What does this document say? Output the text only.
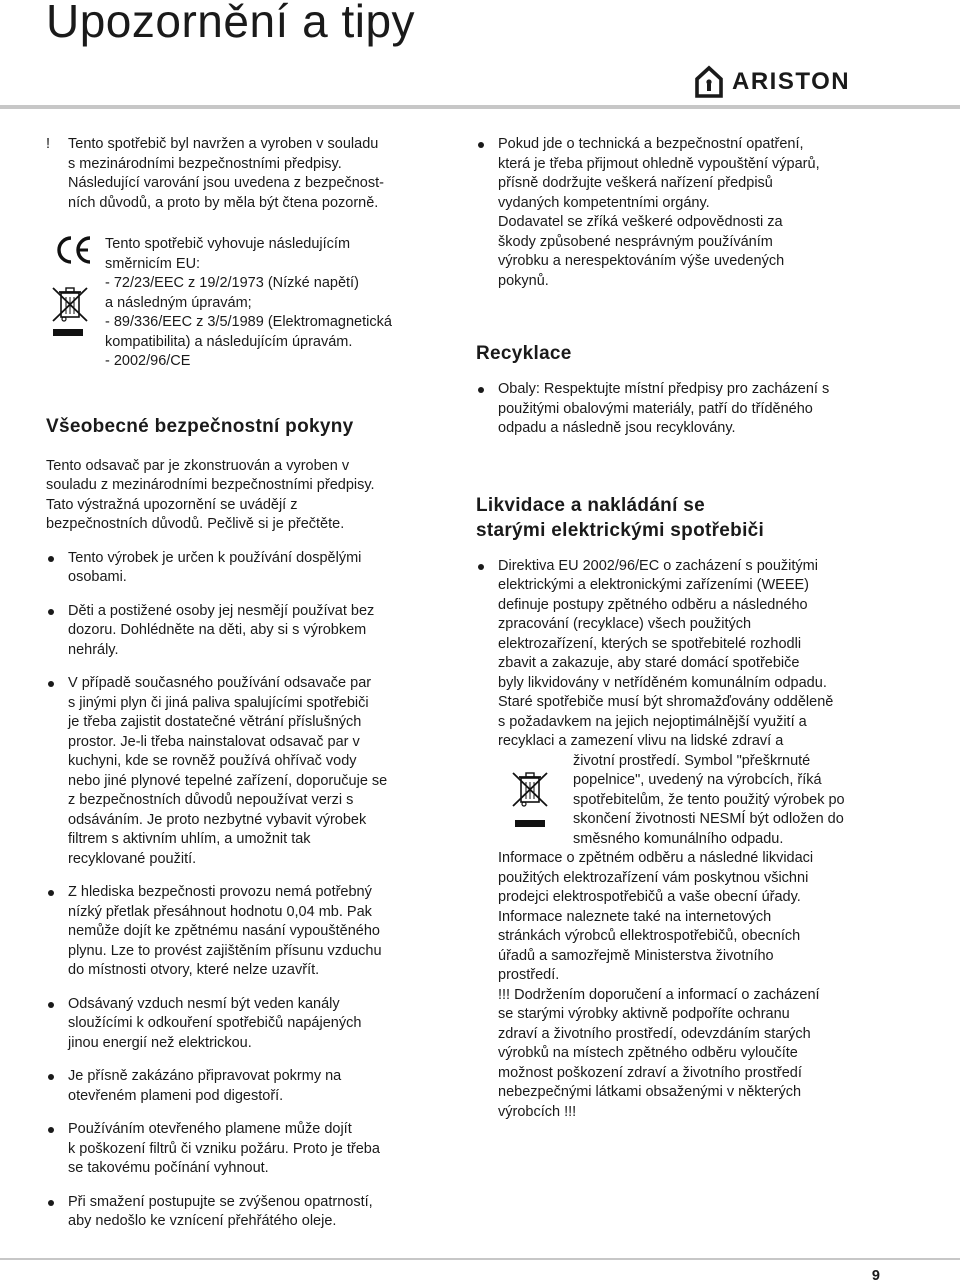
Upozornění a tipy
ARISTON
! Tento spotřebič byl navržen a vyroben v souladu
s mezinárodními bezpečnostními předpisy.
Následující varování jsou uvedena z bezpečnost-
ních důvodů, a proto by měla být čtena pozorně.
Tento spotřebič vyhovuje následujícím
směrnicím EU:
- 72/23/EEC z 19/2/1973 (Nízké napětí)
a následným úpravám;
- 89/336/EEC z 3/5/1989 (Elektromagnetická
kompatibilita) a následujícím úpravám.
- 2002/96/CE
Všeobecné bezpečnostní pokyny

Tento odsavač par je zkonstruován a vyroben v
souladu z mezinárodními bezpečnostními předpisy.
Tato výstražná upozornění se uvádějí z
bezpečnostních důvodů. Pečlivě si je přečtěte.

Tento výrobek je určen k používání dospělými
osobami.
Děti a postižené osoby jej nesmějí používat bez
dozoru. Dohlédněte na děti, aby si s výrobkem
nehrály.
V případě současného používání odsavače par
s jinými plyn či jiná paliva spalujícími spotřebiči
je třeba zajistit dostatečné větrání příslušných
prostor. Je-li třeba nainstalovat odsavač par v
kuchyni, kde se rovněž používá ohřívač vody
nebo jiné plynové tepelné zařízení, doporučuje se
z bezpečnostních důvodů nepoužívat verzi s
odsáváním. Je proto nezbytné vybavit výrobek
filtrem s aktivním uhlím, a umožnit tak
recyklované použití.
Z hlediska bezpečnosti provozu nemá potřebný
nízký přetlak přesáhnout hodnotu 0,04 mb. Pak
nemůže dojít ke zpětnému nasání vypouštěného
plynu. Lze to provést zajištěním přísunu vzduchu
do místnosti otvory, které nelze uzavřít.
Odsávaný vzduch nesmí být veden kanály
sloužícími k odkouření spotřebičů napájených
jinou energií než elektrickou.
Je přísně zakázáno připravovat pokrmy na
otevřeném plameni pod digestoří.
Používáním otevřeného plamene může dojít
k poškození filtrů či vzniku požáru. Proto je třeba
se takovému počínání vyhnout.
Při smažení postupujte se zvýšenou opatrností,
aby nedošlo ke vznícení přehřátého oleje.
Pokud jde o technická a bezpečnostní opatření,
která je třeba přijmout ohledně vypouštění výparů,
přísně dodržujte veškerá nařízení předpisů
vydaných kompetentními orgány.
Dodavatel se zříká veškeré odpovědnosti za
škody způsobené nesprávným používáním
výrobku a nerespektováním výše uvedených
pokynů.
Recyklace
Obaly: Respektujte místní předpisy pro zacházení s
použitými obalovými materiály, patří do tříděného
odpadu a následně jsou recyklovány.
Likvidace a nakládání se
starými elektrickými spotřebiči
Direktiva EU 2002/96/EC o zacházení s použitými
elektrickými a elektronickými zařízeními (WEEE)
definuje postupy zpětného odběru a následného
zpracování (recyklace) všech použitých
elektrozařízení, kterých se spotřebitelé rozhodli
zbavit a zakazuje, aby staré domácí spotřebiče
byly likvidovány v netříděném komunálním odpadu.
Staré spotřebiče musí být shromažďovány odděleně
s požadavkem na jejich nejoptimálnější využití a
recyklaci a zamezení vlivu na lidské zdraví a
životní prostředí. Symbol "přeškrnuté
popelnice", uvedený na výrobcích, říká
spotřebitelům, že tento použitý výrobek po
skončení životnosti NESMÍ být odložen do
směsného komunálního odpadu.
Informace o zpětném odběru a následné likvidaci
použitých elektrozařízení vám poskytnou všichni
prodejci elektrospotřebičů a vaše obecní úřady.
Informace naleznete také na internetových
stránkách výrobců ellektrospotřebičů, obecních
úřadů a samozřejmě Ministerstva životního
prostředí.
!!! Dodržením doporučení a informací o zacházení
se starými výrobky aktivně podpoříte ochranu
zdraví a životního prostředí, odevzdáním starých
výrobků na místech zpětného odběru vyloučíte
možnost poškození zdraví a životního prostředí
nebezpečnými látkami obsaženými v některých
výrobcích !!!
9
